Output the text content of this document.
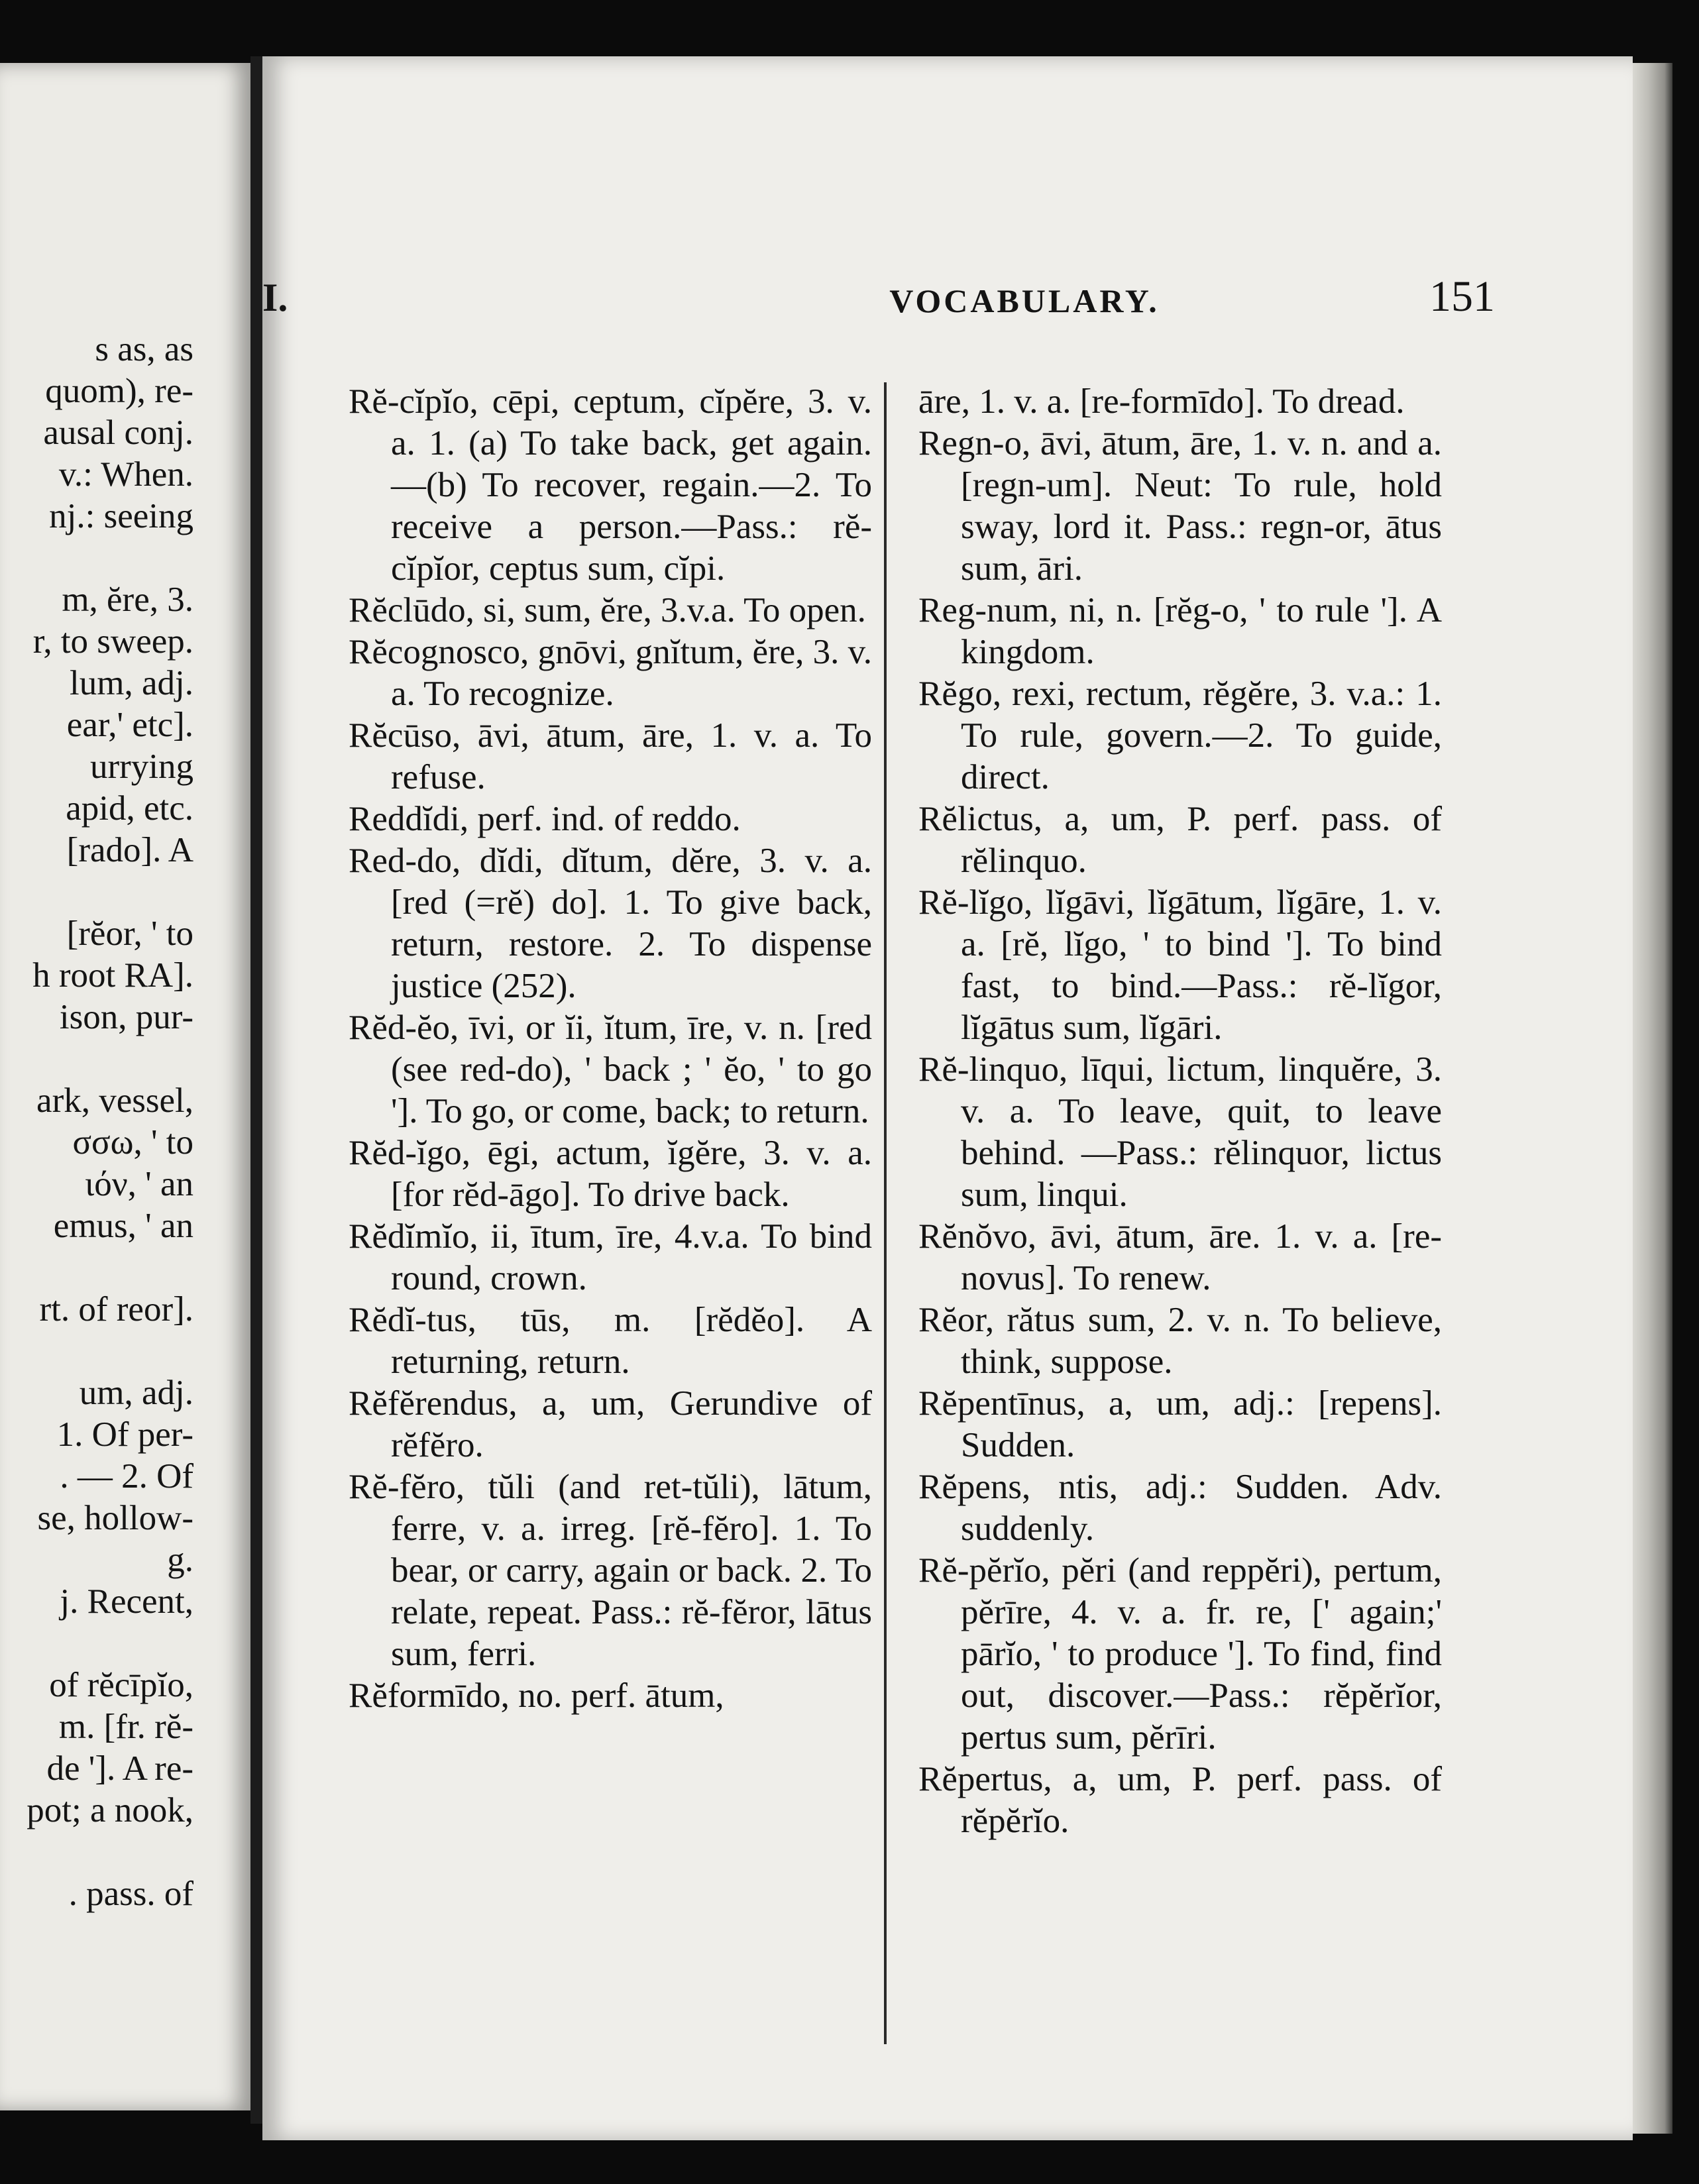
s as, as
quom), re-
ausal conj.
v.: When.
nj.: seeing
m, ĕre, 3.
r, to sweep.
lum, adj.
ear,' etc].
urrying
apid, etc.
[rado]. A
[rĕor, ' to
h root RA].
ison, pur-
ark, vessel,
σσω, ' to
ιόν, ' an
emus, ' an
rt. of reor].
um, adj.
1. Of per-
. — 2. Of
se, hollow-
g.
j. Recent,
of rĕcīpĭo,
m. [fr. rĕ-
de ']. A re-
pot; a nook,
. pass. of
I.	VOCABULARY.	151
Rĕ-cĭpĭo, cēpi, ceptum, cĭpĕre, 3. v. a. 1. (a) To take back, get again.—(b) To recover, regain.—2. To receive a person.—Pass.: rĕ-cĭpĭor, ceptus sum, cĭpi.
Rĕclūdo, si, sum, ĕre, 3.v.a. To open.
Rĕcognosco, gnōvi, gnĭtum, ĕre, 3. v. a. To recognize.
Rĕcūso, āvi, ātum, āre, 1. v. a. To refuse.
Reddĭdi, perf. ind. of reddo.
Red-do, dĭdi, dĭtum, dĕre, 3. v. a. [red (=rĕ) do]. 1. To give back, return, restore. 2. To dispense justice (252).
Rĕd-ĕo, īvi, or ĭi, ĭtum, īre, v. n. [red (see red-do), ' back ; ' ĕo, ' to go ']. To go, or come, back; to return.
Rĕd-ĭgo, ēgi, actum, ĭgĕre, 3. v. a. [for rĕd-āgo]. To drive back.
Rĕdĭmĭo, ii, ītum, īre, 4.v.a. To bind round, crown.
Rĕdĭ-tus, tūs, m. [rĕdĕo]. A returning, return.
Rĕfĕrendus, a, um, Gerundive of rĕfĕro.
Rĕ-fĕro, tŭli (and ret-tŭli), lātum, ferre, v. a. irreg. [rĕ-fĕro]. 1. To bear, or carry, again or back. 2. To relate, repeat. Pass.: rĕ-fĕror, lātus sum, ferri.
Rĕformīdo, no. perf. ātum,
āre, 1. v. a. [re-formīdo]. To dread.
Regn-o, āvi, ātum, āre, 1. v. n. and a. [regn-um]. Neut: To rule, hold sway, lord it. Pass.: regn-or, ātus sum, āri.
Reg-num, ni, n. [rĕg-o, ' to rule ']. A kingdom.
Rĕgo, rexi, rectum, rĕgĕre, 3. v.a.: 1. To rule, govern.—2. To guide, direct.
Rĕlictus, a, um, P. perf. pass. of rĕlinquo.
Rĕ-lĭgo, lĭgāvi, lĭgātum, lĭgāre, 1. v. a. [rĕ, lĭgo, ' to bind ']. To bind fast, to bind.—Pass.: rĕ-lĭgor, lĭgātus sum, lĭgāri.
Rĕ-linquo, līqui, lictum, linquĕre, 3. v. a. To leave, quit, to leave behind. —Pass.: rĕlinquor, lictus sum, linqui.
Rĕnŏvo, āvi, ātum, āre. 1. v. a. [re-novus]. To renew.
Rĕor, rătus sum, 2. v. n. To believe, think, suppose.
Rĕpentīnus, a, um, adj.: [repens]. Sudden.
Rĕpens, ntis, adj.: Sudden. Adv. suddenly.
Rĕ-pĕrĭo, pĕri (and reppĕri), pertum, pĕrīre, 4. v. a. fr. re, [' again;' pārĭo, ' to produce ']. To find, find out, discover.—Pass.: rĕpĕrĭor, pertus sum, pĕrīri.
Rĕpertus, a, um, P. perf. pass. of rĕpĕrĭo.
